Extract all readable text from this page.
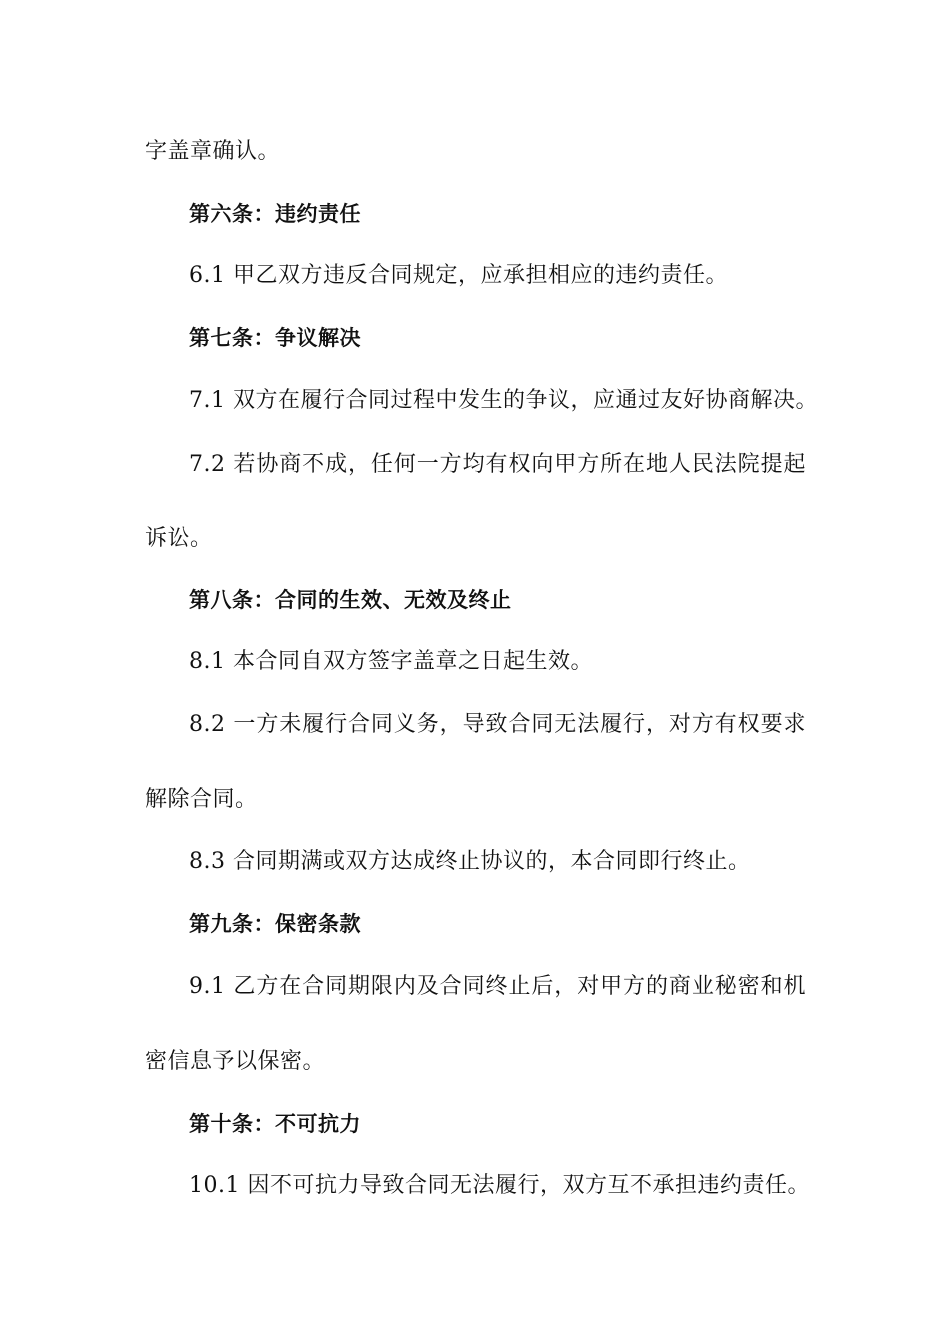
字盖章确认。
第六条：违约责任
6.1 甲乙双方违反合同规定，应承担相应的违约责任。
第七条：争议解决
7.1 双方在履行合同过程中发生的争议，应通过友好协商解决。
7.2 若协商不成，任何一方均有权向甲方所在地人民法院提起
诉讼。
第八条：合同的生效、无效及终止
8.1 本合同自双方签字盖章之日起生效。
8.2 一方未履行合同义务，导致合同无法履行，对方有权要求
解除合同。
8.3 合同期满或双方达成终止协议的，本合同即行终止。
第九条：保密条款
9.1 乙方在合同期限内及合同终止后，对甲方的商业秘密和机
密信息予以保密。
第十条：不可抗力
10.1 因不可抗力导致合同无法履行，双方互不承担违约责任。
